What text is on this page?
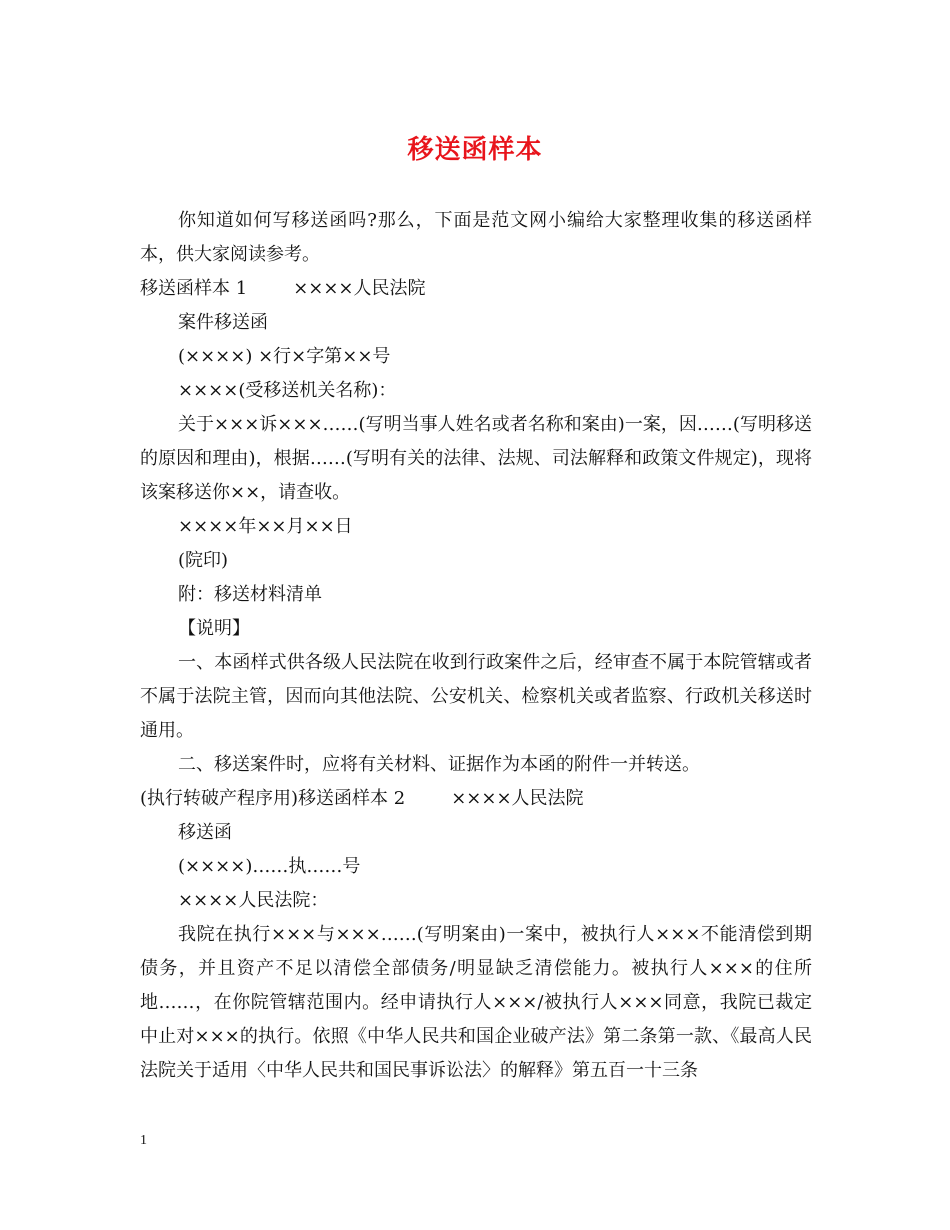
移送函样本

你知道如何写移送函吗?那么，下面是范文网小编给大家整理收集的移送函样本，供大家阅读参考。

移送函样本 1	××××人民法院

案件移送函

(××××) ×行×字第××号

××××(受移送机关名称)：

关于×××诉×××……(写明当事人姓名或者名称和案由)一案，因……(写明移送的原因和理由)，根据……(写明有关的法律、法规、司法解释和政策文件规定)，现将该案移送你××，请查收。

××××年××月××日

(院印)

附：移送材料清单

【说明】

一、本函样式供各级人民法院在收到行政案件之后，经审查不属于本院管辖或者不属于法院主管，因而向其他法院、公安机关、检察机关或者监察、行政机关移送时通用。

二、移送案件时，应将有关材料、证据作为本函的附件一并转送。

(执行转破产程序用)移送函样本 2	××××人民法院

移送函

(××××)……执……号

××××人民法院：

我院在执行×××与×××……(写明案由)一案中，被执行人×××不能清偿到期债务，并且资产不足以清偿全部债务/明显缺乏清偿能力。被执行人×××的住所地……，在你院管辖范围内。经申请执行人×××/被执行人×××同意，我院已裁定中止对×××的执行。依照《中华人民共和国企业破产法》第二条第一款、《最高人民法院关于适用〈中华人民共和国民事诉讼法〉的解释》第五百一十三条

1
